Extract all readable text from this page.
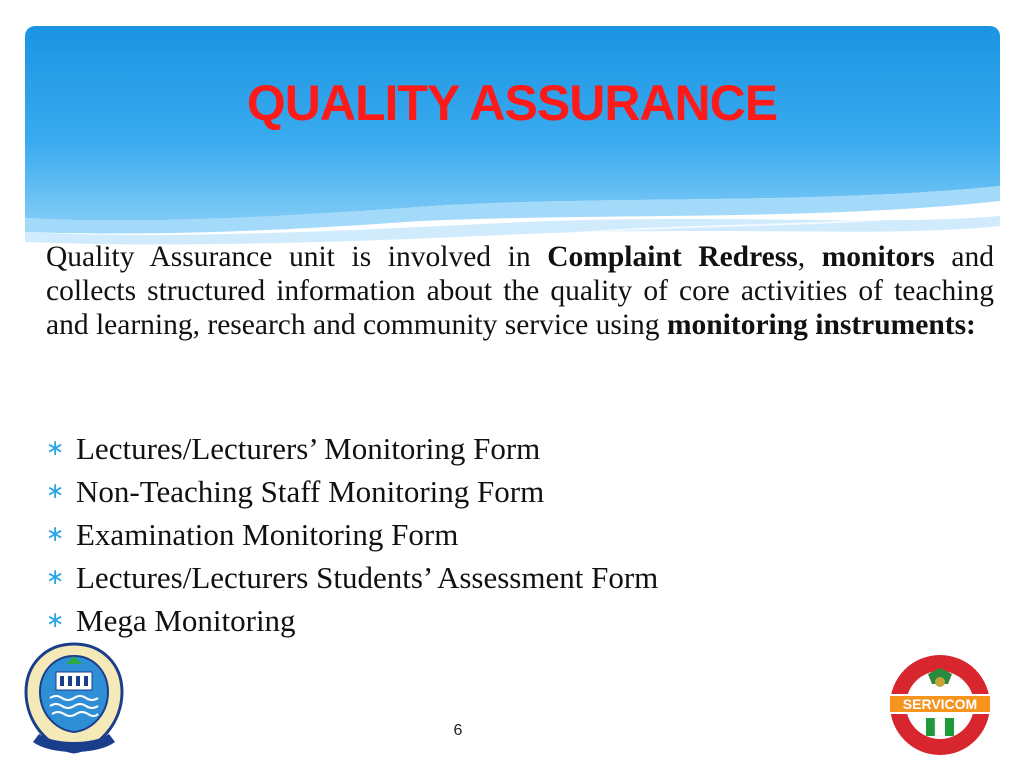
QUALITY ASSURANCE

Quality Assurance unit is involved in Complaint Redress, monitors and collects structured information about the quality of core activities of teaching and learning, research and community service using monitoring instruments:

∗ Lectures/Lecturers’ Monitoring Form
∗ Non-Teaching Staff Monitoring Form
∗ Examination Monitoring Form
∗ Lectures/Lecturers Students’ Assessment Form
∗ Mega Monitoring
6
SERVICOM
